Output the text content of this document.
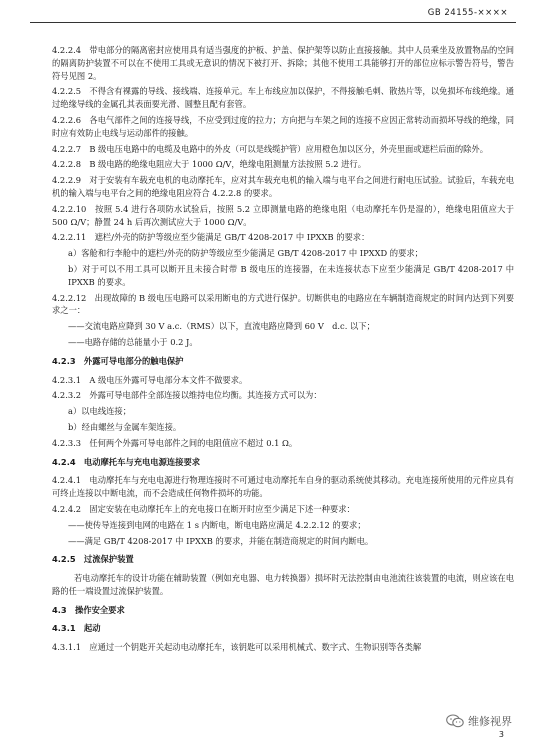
GB 24155-××××
4.2.2.4　带电部分的隔离密封应使用具有适当强度的护板、护盖、保护架等以防止直接接触。其中人员乘坐及放置物品的空间的隔离防护装置不可以在不使用工具或无意识的情况下被打开、拆除；其他不使用工具能够打开的部位应标示警告符号，警告符号见图 2。
4.2.2.5　不得含有裸露的导线、接线端、连接单元。车上布线应加以保护，不得接触毛刺、散热片等，以免损坏布线绝缘。通过绝缘导线的金属孔其表面要光滑、圆整且配有套管。
4.2.2.6　各电气部件之间的连接导线，不应受到过度的拉力；方向把与车架之间的连接不应因正常转动而损坏导线的绝缘，同时应有效防止电线与运动部件的接触。
4.2.2.7　B 级电压电路中的电缆及电路中的外皮（可以是线缆护管）应用橙色加以区分，外壳里面或遮栏后面的除外。
4.2.2.8　B 级电路的绝缘电阻应大于 1000 Ω/V，绝缘电阻测量方法按照 5.2 进行。
4.2.2.9　对于安装有车载充电机的电动摩托车，应对其车载充电机的输入端与电平台之间进行耐电压试验。试验后，车载充电机的输入端与电平台之间的绝缘电阻应符合 4.2.2.8 的要求。
4.2.2.10　按照 5.4 进行各项防水试验后，按照 5.2 立即测量电路的绝缘电阻（电动摩托车仍是湿的），绝缘电阻值应大于 500 Ω/V；静置 24 h 后再次测试应大于 1000 Ω/V。
4.2.2.11　遮栏/外壳的防护等级应至少能满足 GB/T 4208-2017 中 IPXXB 的要求：
a）客舱和行李舱中的遮栏/外壳的防护等级应至少能满足 GB/T 4208-2017 中 IPXXD 的要求；
b）对于可以不用工具可以断开且未接合时带 B 级电压的连接器，在未连接状态下应至少能满足 GB/T 4208-2017 中 IPXXB 的要求。
4.2.2.12　出现故障的 B 级电压电路可以采用断电的方式进行保护。切断供电的电路应在车辆制造商规定的时间内达到下列要求之一：
——交流电路应降到 30 V a.c.（RMS）以下，直流电路应降到 60 V　d.c. 以下；
——电路存储的总能量小于 0.2 J。
4.2.3　外露可导电部分的触电保护
4.2.3.1　A 级电压外露可导电部分本文件不做要求。
4.2.3.2　外露可导电部件全部连接以维持电位均衡。其连接方式可以为：
a）以电线连接；
b）经由螺丝与金属车架连接。
4.2.3.3　任何两个外露可导电部件之间的电阻值应不超过 0.1 Ω。
4.2.4　电动摩托车与充电电源连接要求
4.2.4.1　电动摩托车与充电电源进行物理连接时不可通过电动摩托车自身的驱动系统使其移动。充电连接所使用的元件应具有可终止连接以中断电流，而不会造成任何物件损坏的功能。
4.2.4.2　固定安装在电动摩托车上的充电接口在断开时应至少满足下述一种要求：
——使传导连接到电网的电路在 1 s 内断电，断电电路应满足 4.2.2.12 的要求；
——满足 GB/T 4208-2017 中 IPXXB 的要求，并能在制造商规定的时间内断电。
4.2.5　过流保护装置
若电动摩托车的设计功能在辅助装置（例如充电器、电力转换器）损坏时无法控制由电池流往该装置的电流，则应该在电路的任一端设置过流保护装置。
4.3　操作安全要求
4.3.1　起动
4.3.1.1　应通过一个钥匙开关起动电动摩托车，该钥匙可以采用机械式、数字式、生物识别等各类解
维修视界
3
